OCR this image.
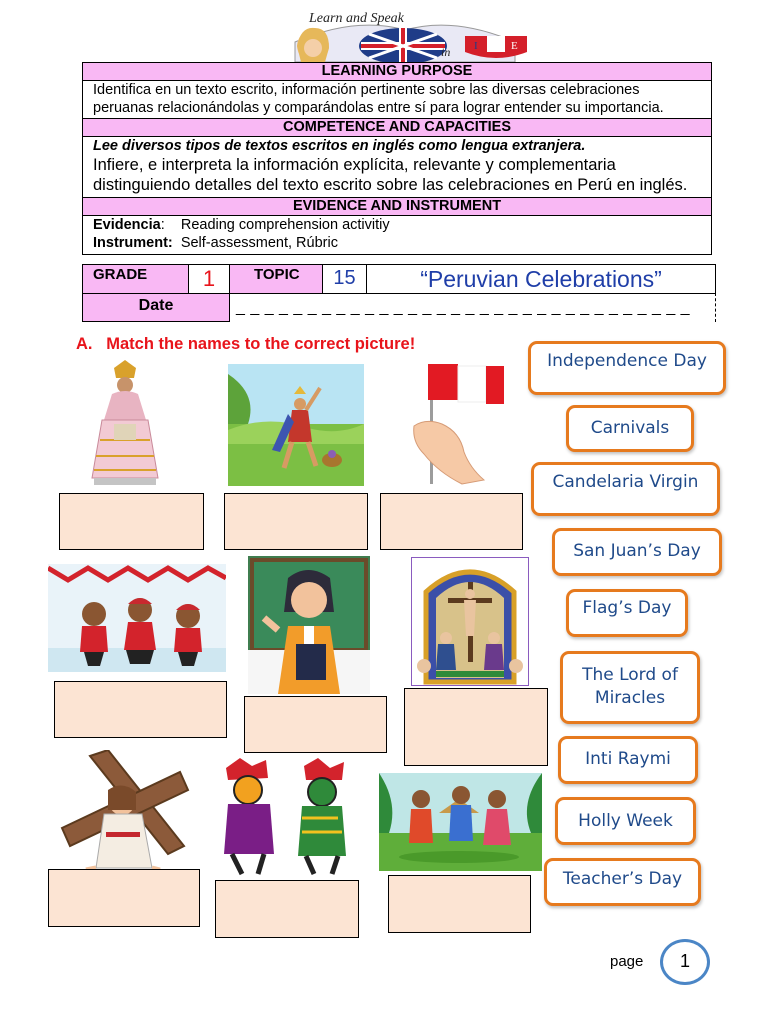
I	E
Learn and Speak
in
LEARNING PURPOSE
Identifica en un texto escrito, información pertinente sobre las diversas celebraciones
peruanas relacionándolas y comparándolas entre sí para lograr entender su importancia.
COMPETENCE AND CAPACITIES
Lee diversos tipos de textos escritos en inglés como lengua extranjera.
Infiere, e interpreta la información explícita, relevante y complementaria
distinguiendo detalles del texto escrito sobre las celebraciones en Perú en inglés.
EVIDENCE AND INSTRUMENT
Evidencia:    Reading comprehension activitiy
Instrument: Self-assessment, Rúbric
GRADE	1	TOPIC	15	“Peruvian Celebrations”
Date	_ _ _ _ _ _ _ _ _ _ _ _ _ _ _ _ _ _ _ _ _ _ _ _ _ _ _ _ _ _ _ _
A.   Match the names to the correct picture!
Independence Day
Carnivals
Candelaria Virgin
San Juan’s Day
Flag’s Day
The Lord of Miracles
Inti Raymi
Holly Week
Teacher’s Day
page	1
